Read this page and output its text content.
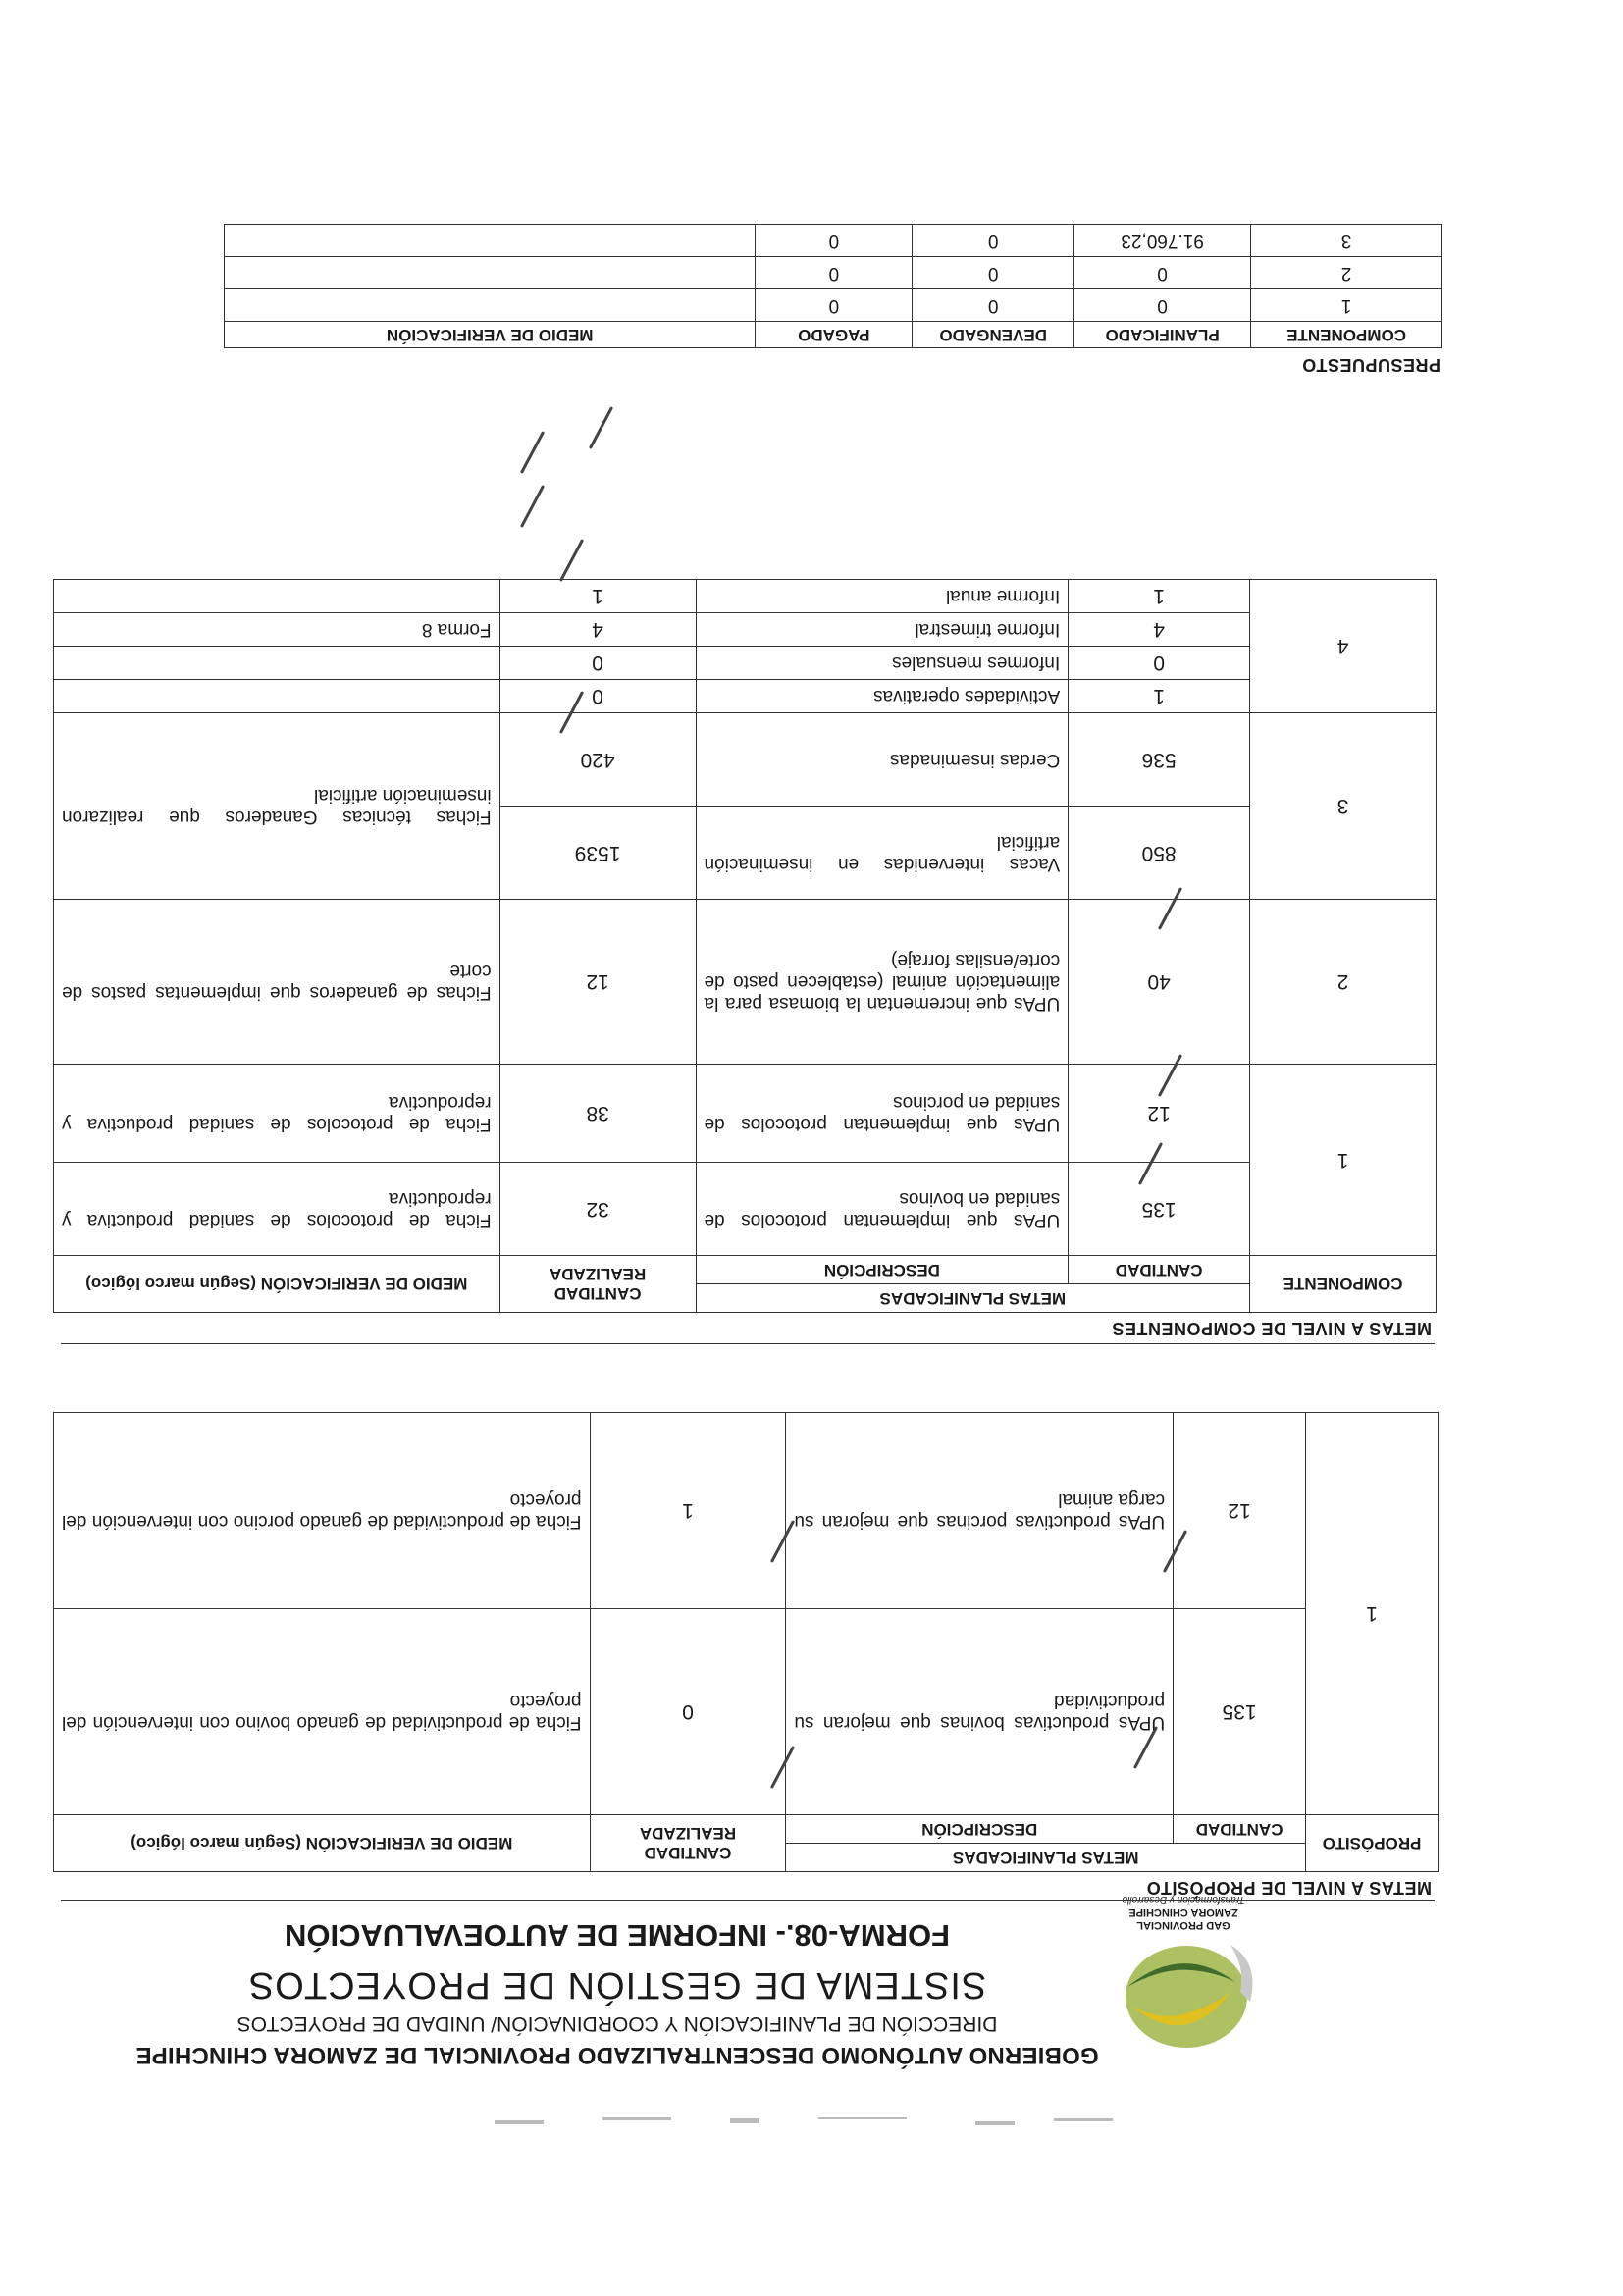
GAD PROVINCIAL
ZAMORA CHINCHIPE
Transformacion y Desarrollo
GOBIERNO AUTÓNOMO DESCENTRALIZADO PROVINCIAL DE ZAMORA CHINCHIPE
DIRECCIÓN DE PLANIFICACIÓN Y COORDINACIÓN/ UNIDAD DE PROYECTOS
SISTEMA DE GESTIÓN DE PROYECTOS
FORMA-08.- INFORME DE AUTOEVALUACIÓN
METAS A NIVEL DE PROPÓSITO
PROPÓSITO	METAS PLANIFICADAS		CANTIDAD REALIZADA	MEDIO DE VERIFICACIÓN (Según marco lógico)
	CANTIDAD	DESCRIPCIÓN		
1	135	UPAs productivas bovinas que mejoran su productividad	0	Ficha de productividad de ganado bovino con intervención del proyecto
	12	UPAs productivas porcinas que mejoran su carga animal	1	Ficha de productividad de ganado porcino con intervención del proyecto
METAS A NIVEL DE COMPONENTES
COMPONENTE	METAS PLANIFICADAS		CANTIDAD REALIZADA	MEDIO DE VERIFICACIÓN (Según marco lógico)
	CANTIDAD	DESCRIPCIÓN		
1	135	UPAs que implementan protocolos de sanidad en bovinos	32	Ficha de protocolos de sanidad productiva y reproductiva
	12	UPAs que implementan protocolos de sanidad en porcinos	38	Ficha de protocolos de sanidad productiva y reproductiva
2	40	UPAs que incrementan la biomasa para la alimentación animal (establecen pasto de corte/ensilas forraje)	12	Fichas de ganaderos que implementas pastos de corte
3	850	Vacas intervenidas en inseminación artificial	1539	Fichas técnicas Ganaderos que realizaron inseminación artificial
	536	Cerdas inseminadas	420	
4	1	Actividades operativas	0	
	0	Informes mensuales	0	
	4	Informe trimestral	4	Forma 8
	1	Informe anual	1	
PRESUPUESTO
COMPONENTE	PLANIFICADO	DEVENGADO	PAGADO	MEDIO DE VERIFICACIÓN
1	0	0	0	
2	0	0	0	
3	91.760,23	0	0	
